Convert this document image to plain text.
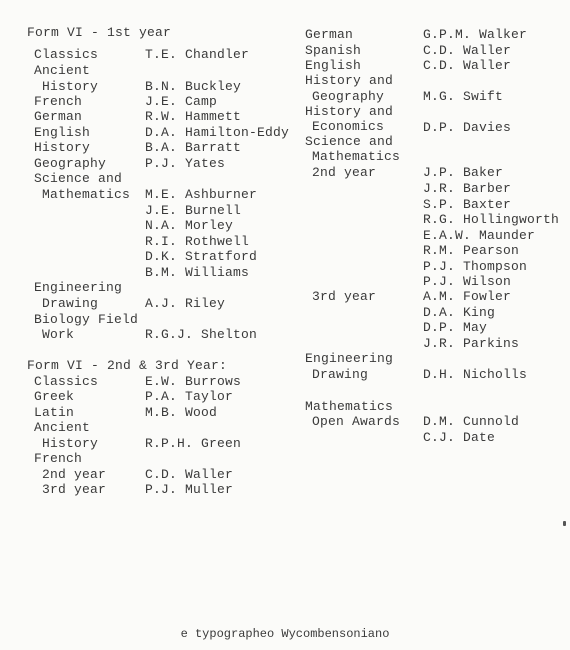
Form VI - 1st year
Classics	T.E. Chandler
Ancient
History	B.N. Buckley
French	J.E. Camp
German	R.W. Hammett
English	D.A. Hamilton-Eddy
History	B.A. Barratt
Geography	P.J. Yates
Science and
Mathematics M.E. Ashburner
J.E. Burnell
N.A. Morley
R.I. Rothwell
D.K. Stratford
B.M. Williams
Engineering
Drawing	A.J. Riley
Biology Field
Work	R.G.J. Shelton
Form VI - 2nd & 3rd Year:
Classics	E.W. Burrows
Greek	P.A. Taylor
Latin	M.B. Wood
Ancient
History	R.P.H. Green
French
2nd year	C.D. Waller
3rd year	P.J. Muller
German	G.P.M. Walker
Spanish	C.D. Waller
English	C.D. Waller
History and
Geography	M.G. Swift
History and
Economics	D.P. Davies
Science and
Mathematics
2nd year	J.P. Baker
J.R. Barber
S.P. Baxter
R.G. Hollingworth
E.A.W. Maunder
R.M. Pearson
P.J. Thompson
P.J. Wilson
3rd year	A.M. Fowler
D.A. King
D.P. May
J.R. Parkins
Engineering
Drawing	D.H. Nicholls
Mathematics
Open Awards D.M. Cunnold
C.J. Date
e typographeo Wycombensoniano
